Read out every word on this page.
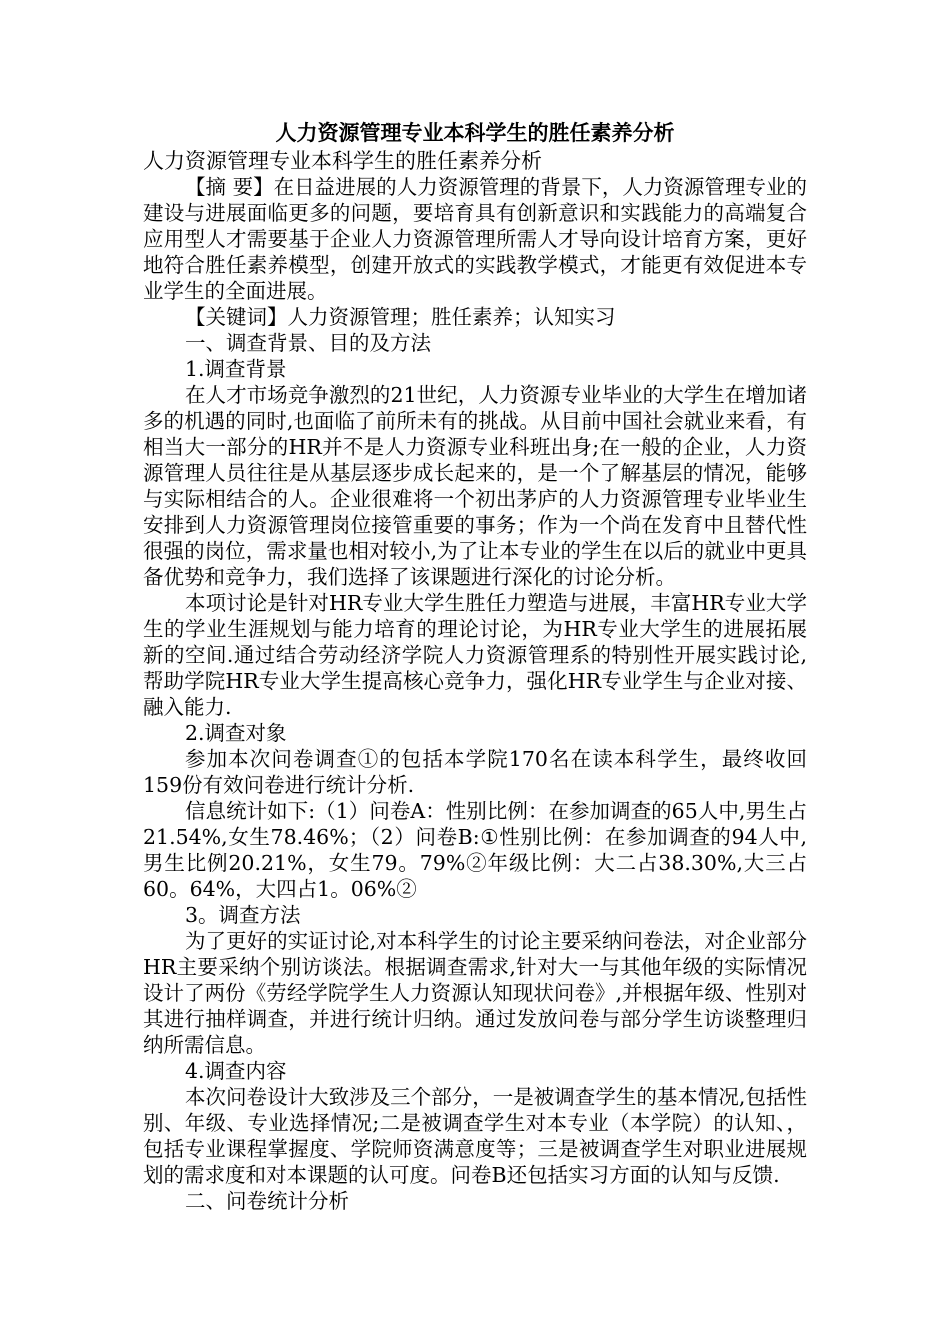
人力资源管理专业本科学生的胜任素养分析
人力资源管理专业本科学生的胜任素养分析

【摘 要】在日益进展的人力资源管理的背景下，人力资源管理专业的建设与进展面临更多的问题，要培育具有创新意识和实践能力的高端复合应用型人才需要基于企业人力资源管理所需人才导向设计培育方案，更好地符合胜任素养模型，创建开放式的实践教学模式，才能更有效促进本专业学生的全面进展。

【关键词】人力资源管理；胜任素养；认知实习

一、调查背景、目的及方法

1.调查背景

在人才市场竞争激烈的21世纪，人力资源专业毕业的大学生在增加诸多的机遇的同时,也面临了前所未有的挑战。从目前中国社会就业来看，有相当大一部分的HR并不是人力资源专业科班出身;在一般的企业，人力资源管理人员往往是从基层逐步成长起来的，是一个了解基层的情况，能够与实际相结合的人。企业很难将一个初出茅庐的人力资源管理专业毕业生安排到人力资源管理岗位接管重要的事务；作为一个尚在发育中且替代性很强的岗位，需求量也相对较小,为了让本专业的学生在以后的就业中更具备优势和竞争力，我们选择了该课题进行深化的讨论分析。

本项讨论是针对HR专业大学生胜任力塑造与进展，丰富HR专业大学生的学业生涯规划与能力培育的理论讨论，为HR专业大学生的进展拓展新的空间.通过结合劳动经济学院人力资源管理系的特别性开展实践讨论,帮助学院HR专业大学生提高核心竞争力，强化HR专业学生与企业对接、融入能力.

2.调查对象

参加本次问卷调查①的包括本学院170名在读本科学生，最终收回159份有效问卷进行统计分析.

信息统计如下:（1）问卷A：性别比例：在参加调查的65人中,男生占21.54%,女生78.46%；（2）问卷B:①性别比例：在参加调查的94人中,男生比例20.21%，女生79。79%②年级比例：大二占38.30%,大三占60。64%，大四占1。06%②

3。调查方法

为了更好的实证讨论,对本科学生的讨论主要采纳问卷法，对企业部分HR主要采纳个别访谈法。根据调查需求,针对大一与其他年级的实际情况设计了两份《劳经学院学生人力资源认知现状问卷》,并根据年级、性别对其进行抽样调查，并进行统计归纳。通过发放问卷与部分学生访谈整理归纳所需信息。

4.调查内容

本次问卷设计大致涉及三个部分，一是被调查学生的基本情况,包括性别、年级、专业选择情况;二是被调查学生对本专业（本学院）的认知、，包括专业课程掌握度、学院师资满意度等；三是被调查学生对职业进展规划的需求度和对本课题的认可度。问卷B还包括实习方面的认知与反馈.

二、问卷统计分析
